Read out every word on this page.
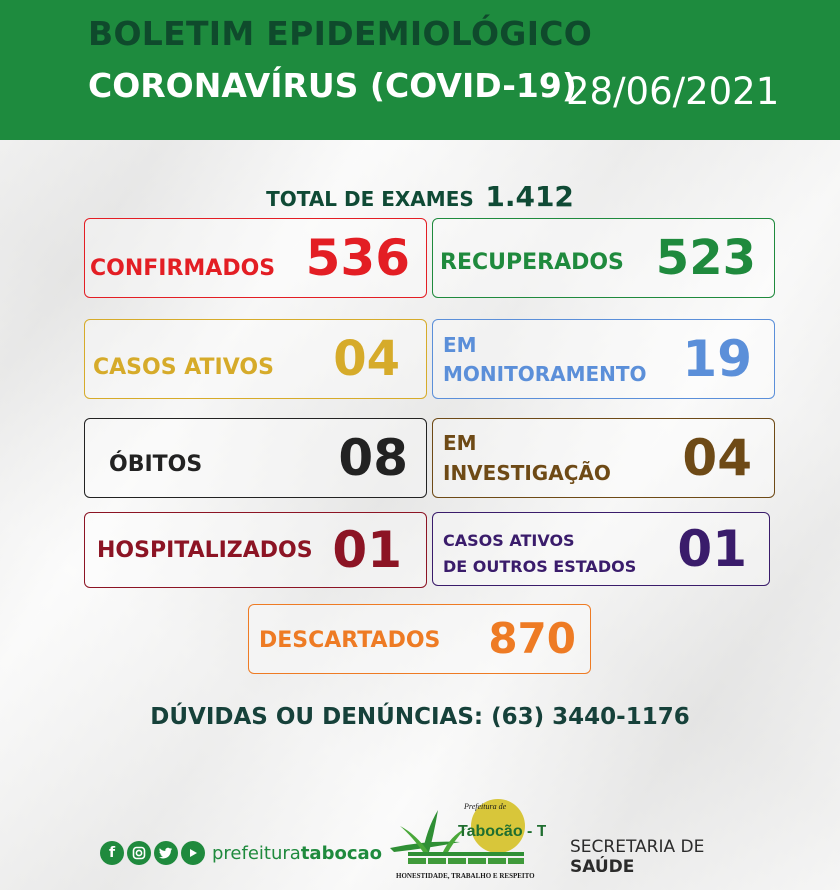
BOLETIM EPIDEMIOLÓGICO
CORONAVÍRUS (COVID-19)
28/06/2021
TOTAL DE EXAMES 1.412
CONFIRMADOS 536 RECUPERADOS 523
CASOS ATIVOS 04 EM
MONITORAMENTO 19
ÓBITOS	08 EM
INVESTIGAÇÃO 04
HOSPITALIZADOS 01	CASOS ATIVOS
DE OUTROS ESTADOS 01
DESCARTADOS 870
DÚVIDAS OU DENÚNCIAS: (63) 3440-1176
f	prefeituratabocao
Prefeitura de
Tabocão - To
HONESTIDADE, TRABALHO E RESPEITO
SECRETARIA DE
SAÚDE
